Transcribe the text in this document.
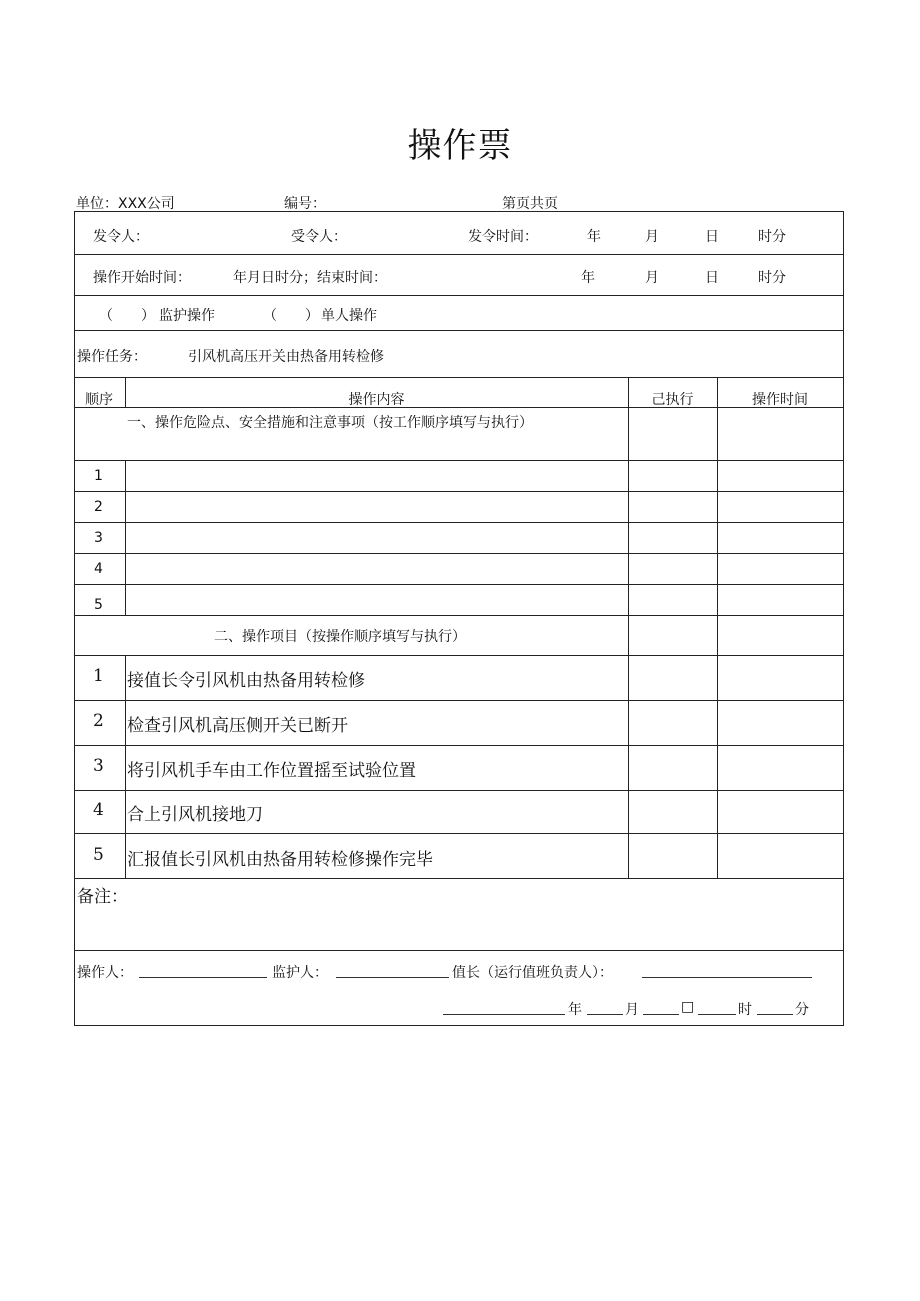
操作票
单位：XXX公司	编号：	第页共页
发令人：	受令人：	发令时间：	年	月	日	时分
操作开始时间：	年月日时分；结束时间：	年	月	日	时分
（　　） 监护操作	（　　） 单人操作
操作任务：	引风机高压开关由热备用转检修
顺序	操作内容	己执行	操作时间
一、操作危险点、安全措施和注意事项（按工作顺序填写与执行）
1
2
3
4
5
二、操作项目（按操作顺序填写与执行）
1 接值长令引风机由热备用转检修
2 检查引风机高压侧开关已断开
3 将引风机手车由工作位置摇至试验位置
4 合上引风机接地刀
5 汇报值长引风机由热备用转检修操作完毕
备注：
操作人：	监护人：	值长（运行值班负责人）：
年	月	□	时	分
